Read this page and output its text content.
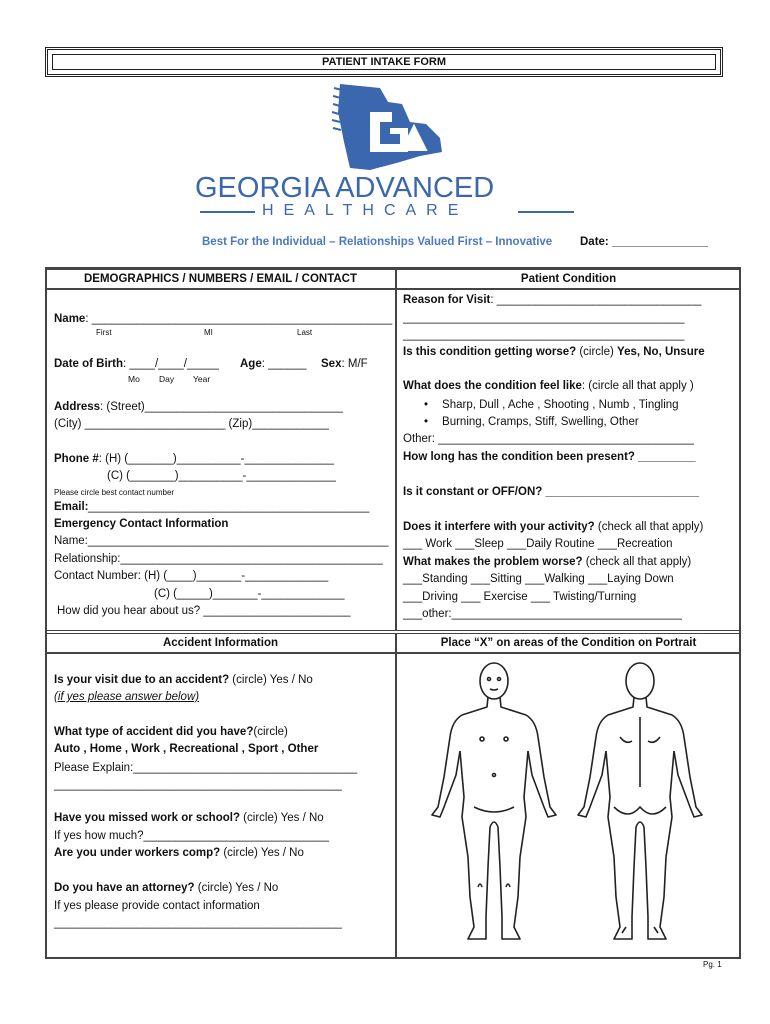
PATIENT INTAKE FORM
GEORGIA ADVANCED
HEALTHCARE
Best For the Individual – Relationships Valued First – Innovative Date: _______________
DEMOGRAPHICS / NUMBERS / EMAIL / CONTACT	Patient Condition
Accident Information	Place “X” on areas of the Condition on Portrait
Name: _______________________________________________
First	MI	Last
Date of Birth: ____/____/_____ Age: ______ Sex: M/F
Mo Day Year
Address: (Street)_______________________________
(City) ______________________ (Zip)____________
Phone #: (H) (_______)__________-______________
(C) (_______)__________-______________
Please circle best contact number
Email: ____________________________________________
Emergency Contact Information
Name:_______________________________________________
Relationship:_________________________________________
Contact Number: (H) (____)_______-_____________
(C) (_____)_______-_____________
How did you hear about us? _______________________
Reason for Visit: ________________________________
____________________________________________
____________________________________________
Is this condition getting worse? (circle) Yes, No, Unsure
What does the condition feel like: (circle all that apply )
• Sharp, Dull , Ache , Shooting , Numb , Tingling
• Burning, Cramps, Stiff, Swelling, Other
Other: ________________________________________
How long has the condition been present? _________
Is it constant or OFF/ON? ________________________
Does it interfere with your activity? (check all that apply)
___ Work ___Sleep ___Daily Routine ___Recreation
What makes the problem worse? (check all that apply)
___Standing ___Sitting ___Walking ___Laying Down
___Driving ___ Exercise ___ Twisting/Turning
___other:____________________________________
Is your visit due to an accident? (circle) Yes / No
(if yes please answer below)
What type of accident did you have?(circle)
Auto , Home , Work , Recreational , Sport , Other
Please Explain:___________________________________
_____________________________________________
Have you missed work or school? (circle) Yes / No
If yes how much?_____________________________
Are you under workers comp? (circle) Yes / No
Do you have an attorney? (circle) Yes / No
If yes please provide contact information
_____________________________________________
Pg. 1
